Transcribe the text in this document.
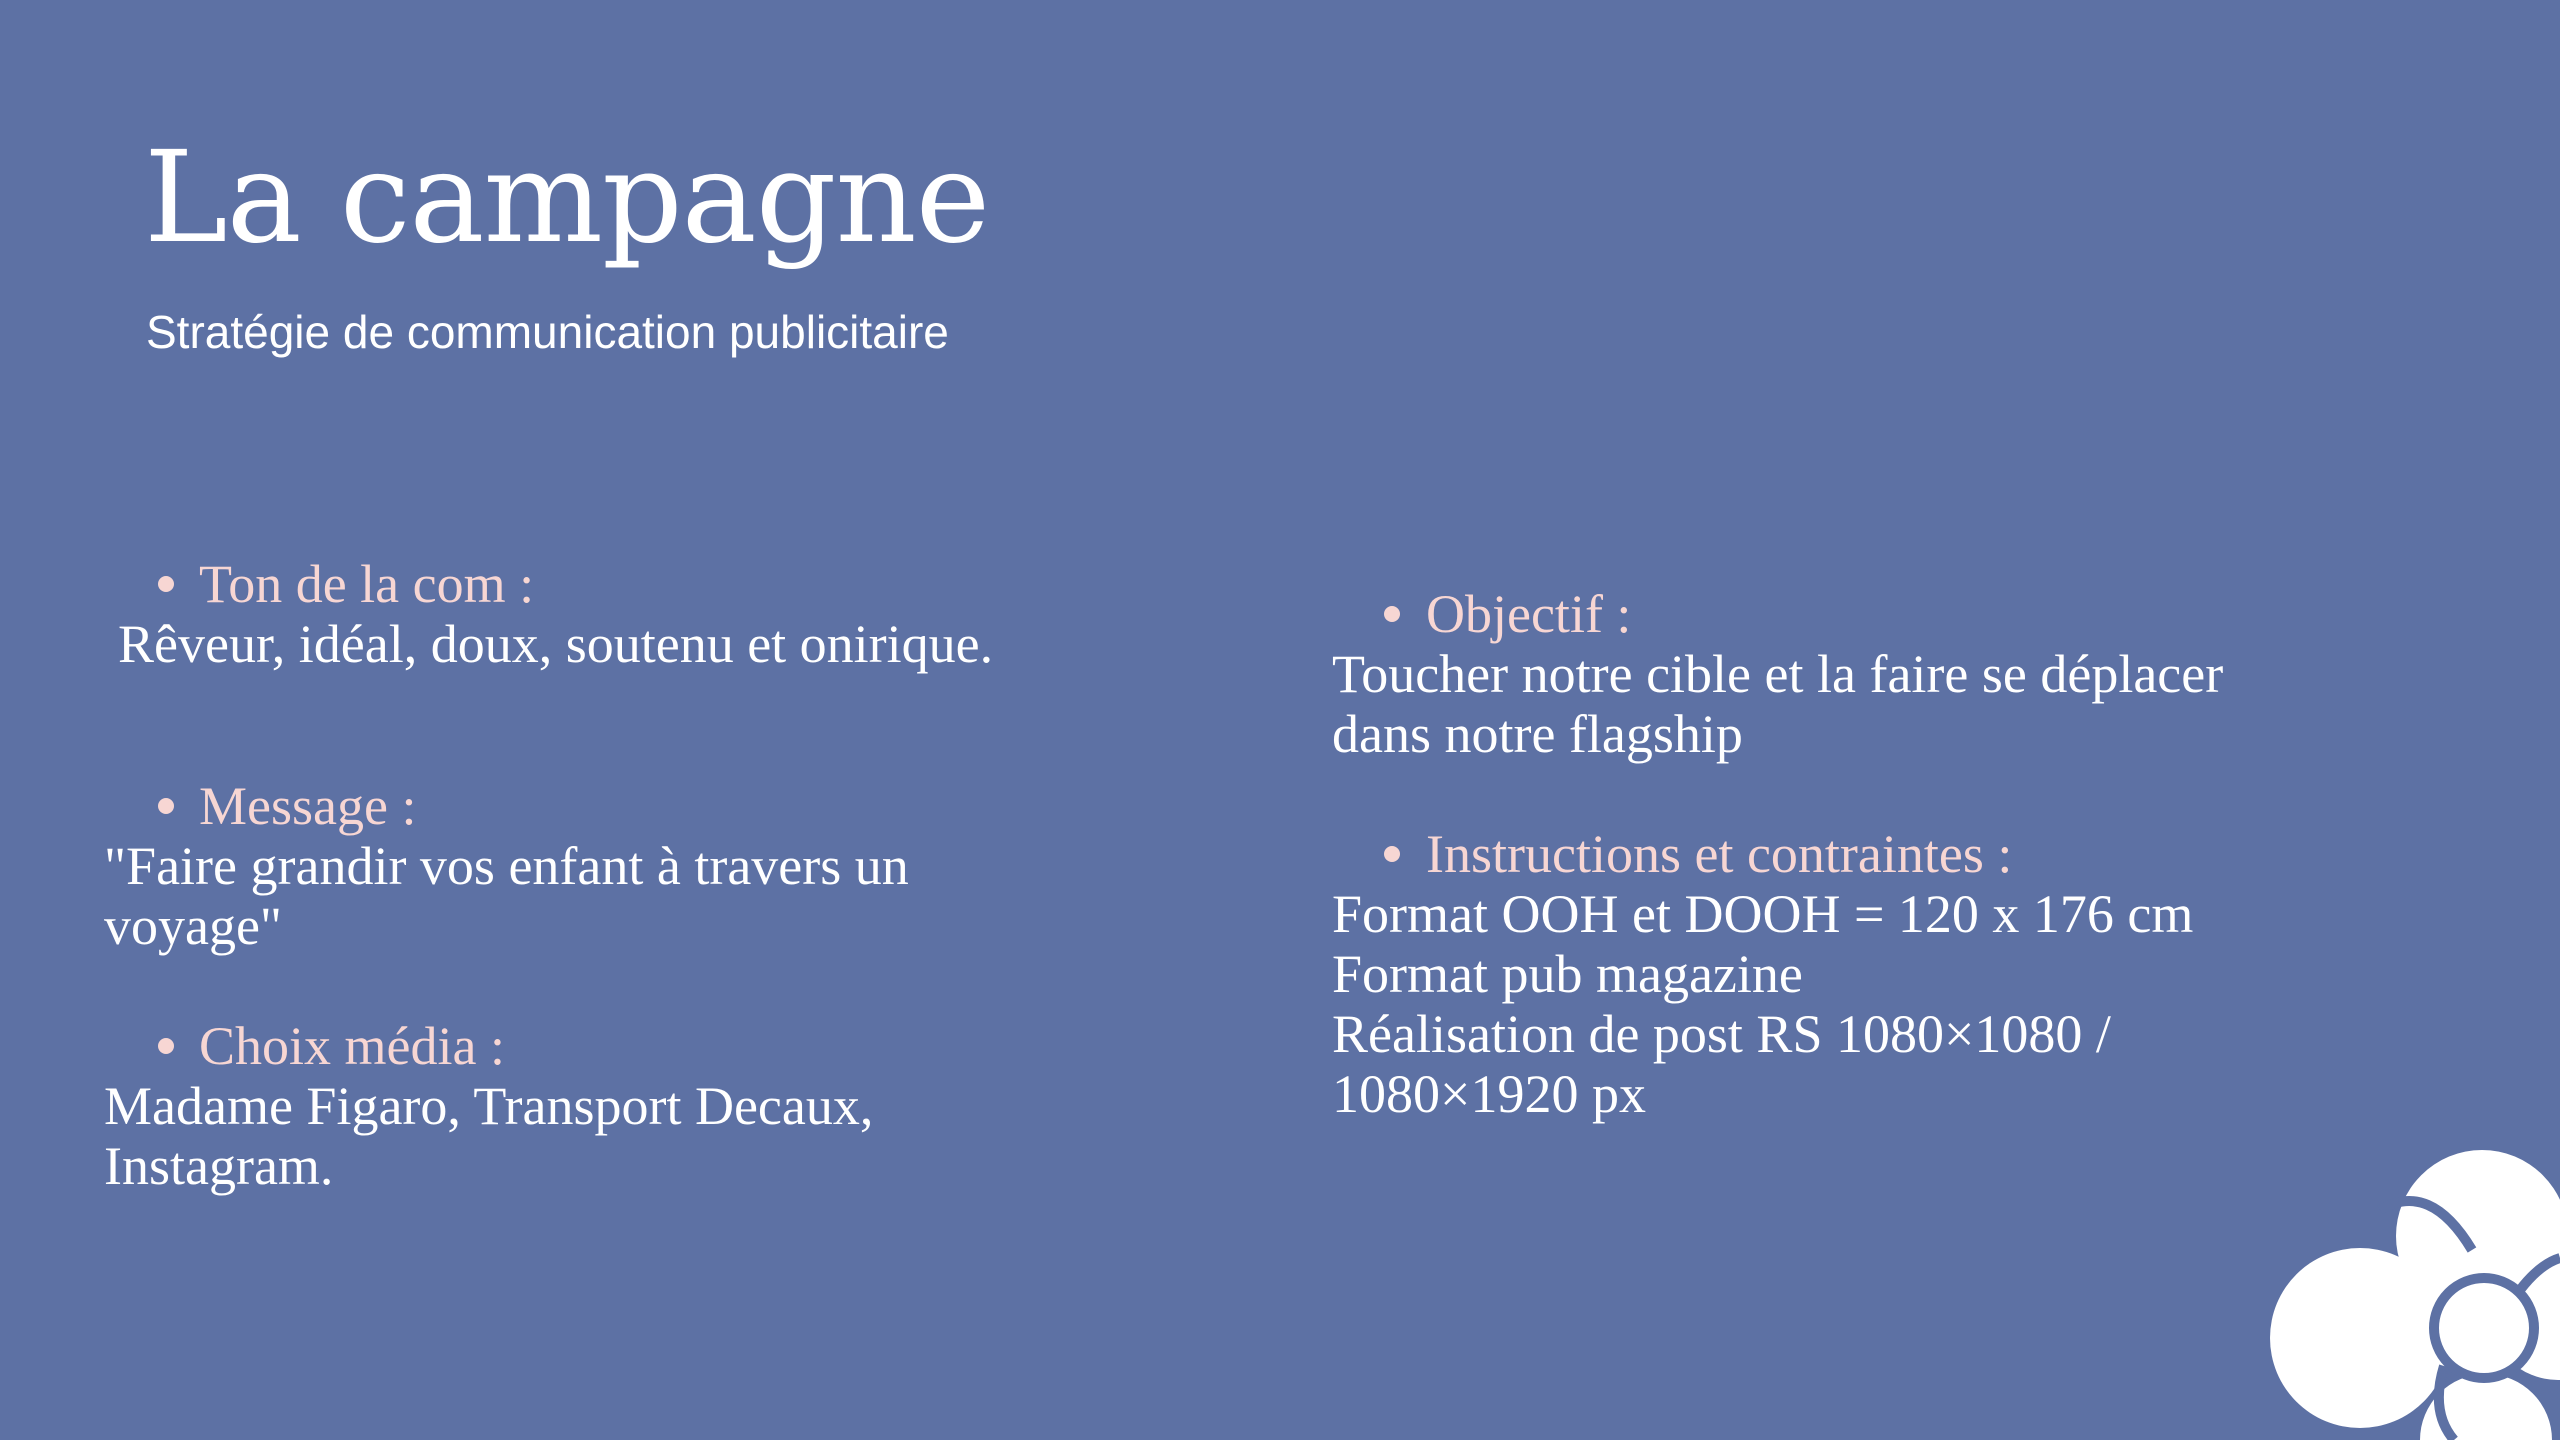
La campagne

Stratégie de communication publicitaire

Ton de la com :
Rêveur, idéal, doux, soutenu et onirique.
Message :
"Faire grandir vos enfant à travers un
voyage"
Choix média :
Madame Figaro, Transport Decaux,
Instagram.
Objectif :
Toucher notre cible et la faire se déplacer
dans notre flagship
Instructions et contraintes :
Format OOH et DOOH = 120 x 176 cm
Format pub magazine
Réalisation de post RS 1080×1080 /
1080×1920 px
